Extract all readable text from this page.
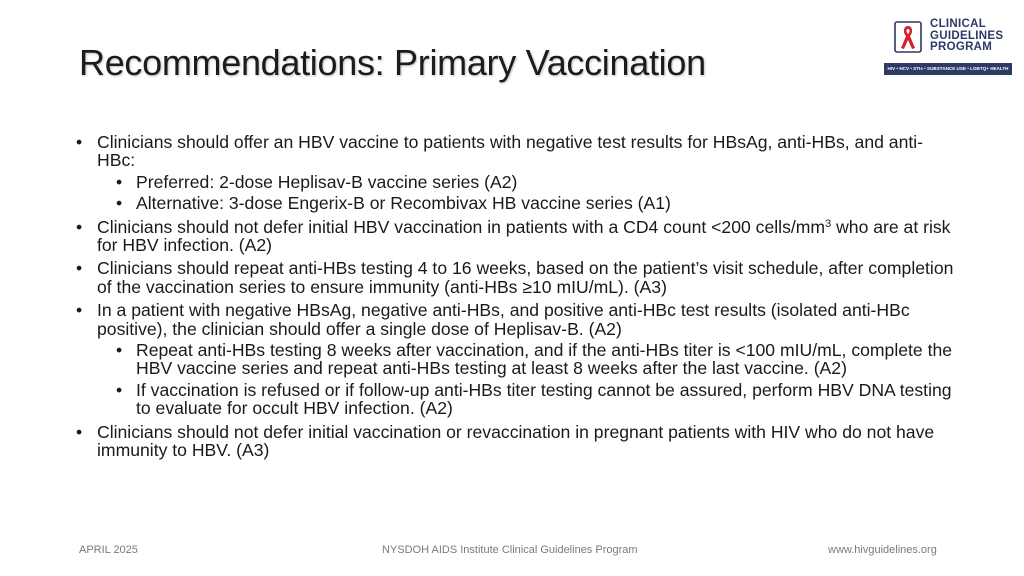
Recommendations: Primary Vaccination
CLINICAL
GUIDELINES
PROGRAM
HIV • HCV • STIs • SUBSTANCE USE • LGBTQ+ HEALTH
• Clinicians should offer an HBV vaccine to patients with negative test results for HBsAg, anti-HBs, and anti-HBc:
• Preferred: 2-dose Heplisav-B vaccine series (A2)
• Alternative: 3-dose Engerix-B or Recombivax HB vaccine series (A1)
• Clinicians should not defer initial HBV vaccination in patients with a CD4 count <200 cells/$mm^3$ who are at risk for HBV infection. (A2)
• Clinicians should repeat anti-HBs testing 4 to 16 weeks, based on the patient’s visit schedule, after completion of the vaccination series to ensure immunity (anti-HBs ≥10 mIU/mL). (A3)
• In a patient with negative HBsAg, negative anti-HBs, and positive anti-HBc test results (isolated anti-HBc positive), the clinician should offer a single dose of Heplisav-B. (A2)
• Repeat anti-HBs testing 8 weeks after vaccination, and if the anti-HBs titer is <100 mIU/mL, complete the HBV vaccine series and repeat anti-HBs testing at least 8 weeks after the last vaccine. (A2)
• If vaccination is refused or if follow-up anti-HBs titer testing cannot be assured, perform HBV DNA testing to evaluate for occult HBV infection. (A2)
• Clinicians should not defer initial vaccination or revaccination in pregnant patients with HIV who do not have immunity to HBV. (A3)
APRIL 2025	NYSDOH AIDS Institute Clinical Guidelines Program	www.hivguidelines.org
